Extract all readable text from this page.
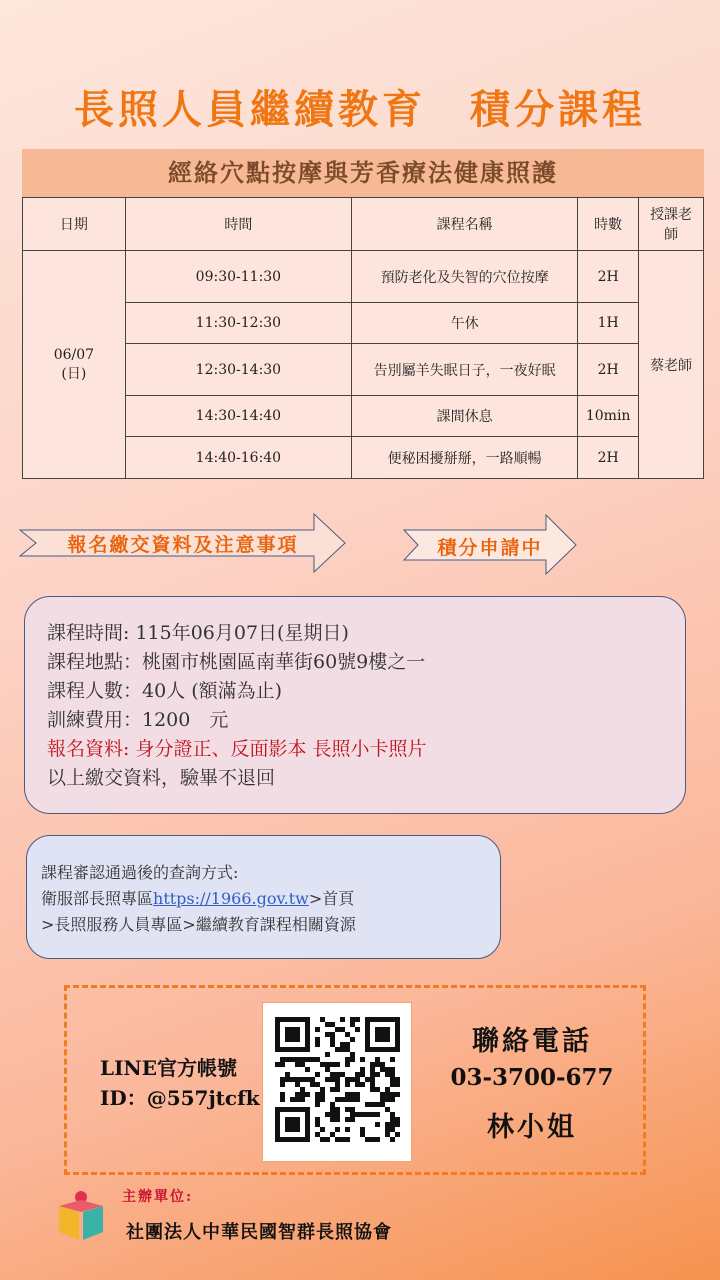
長照人員繼續教育　積分課程
經絡穴點按摩與芳香療法健康照護
日期	時間	課程名稱	時數	授課老師

06/07
(日)	09:30-11:30	預防老化及失智的穴位按摩	2H	蔡老師
	11:30-12:30	午休	1H	
	12:30-14:30	告別屬羊失眠日子，一夜好眠	2H	
	14:30-14:40	課間休息	10min	
	14:40-16:40	便秘困擾掰掰，一路順暢	2H	
報名繳交資料及注意事項	積分申請中
課程時間: 115年06月07日(星期日)
課程地點：桃園市桃園區南華街60號9樓之一
課程人數：40人 (額滿為止)
訓練費用：1200　元
報名資料: 身分證正、反面影本 長照小卡照片
以上繳交資料，驗畢不退回
課程審認通過後的查詢方式:
衛服部長照專區https://1966.gov.tw>首頁
>長照服務人員專區>繼續教育課程相關資源
LINE官方帳號
ID：@557jtcfk
聯絡電話
03-3700-677
林小姐
主辦單位:
社團法人中華民國智群長照協會
